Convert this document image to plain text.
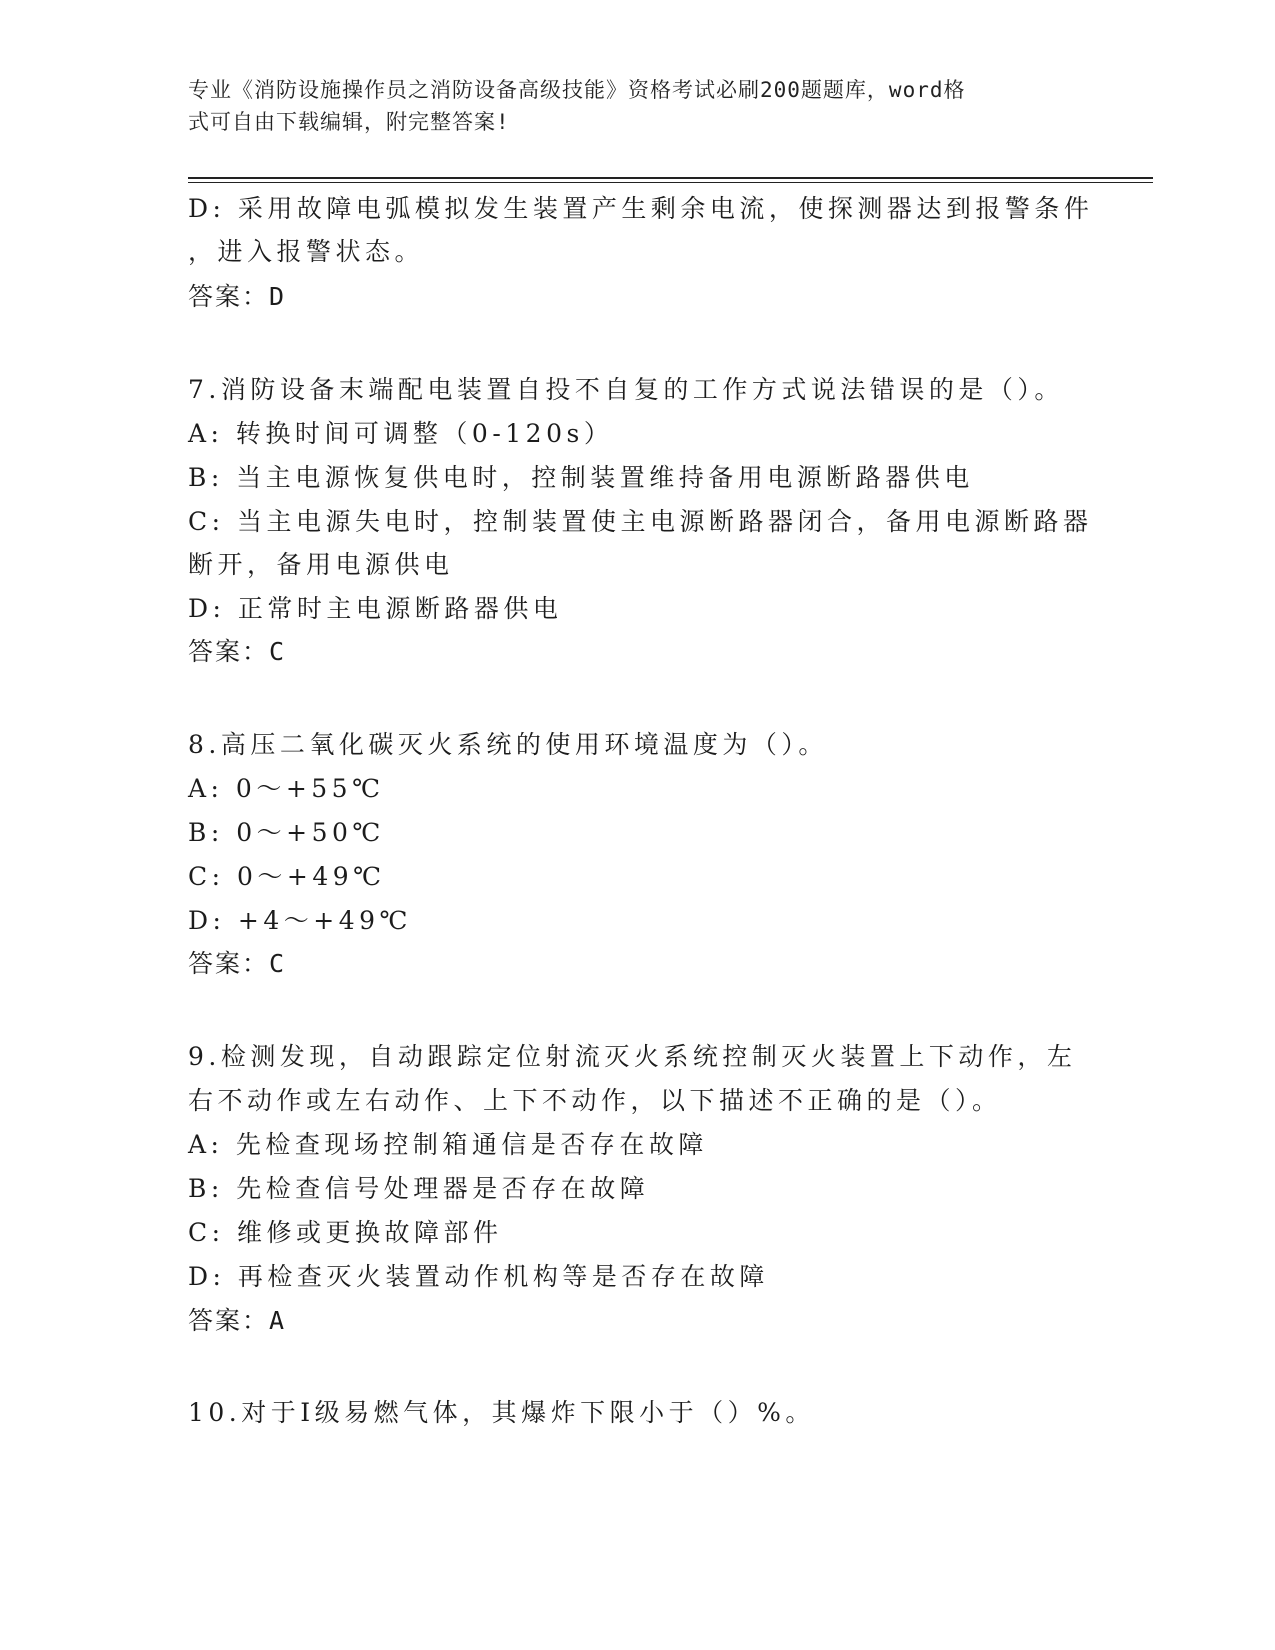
专业《消防设施操作员之消防设备高级技能》资格考试必刷200题题库，word格
式可自由下载编辑，附完整答案!
D: 采用故障电弧模拟发生装置产生剩余电流，使探测器达到报警条件
，进入报警状态。
答案：D
7.消防设备末端配电装置自投不自复的工作方式说法错误的是（）。
A: 转换时间可调整（0-120s）
B: 当主电源恢复供电时，控制装置维持备用电源断路器供电
C: 当主电源失电时，控制装置使主电源断路器闭合，备用电源断路器
断开，备用电源供电
D: 正常时主电源断路器供电
答案：C
8.高压二氧化碳灭火系统的使用环境温度为（）。
A: 0～+55℃
B: 0～+50℃
C: 0～+49℃
D: +4～+49℃
答案：C
9.检测发现，自动跟踪定位射流灭火系统控制灭火装置上下动作，左
右不动作或左右动作、上下不动作，以下描述不正确的是（）。
A: 先检查现场控制箱通信是否存在故障
B: 先检查信号处理器是否存在故障
C: 维修或更换故障部件
D: 再检查灭火装置动作机构等是否存在故障
答案：A
10.对于Ⅰ级易燃气体，其爆炸下限小于（）%。
